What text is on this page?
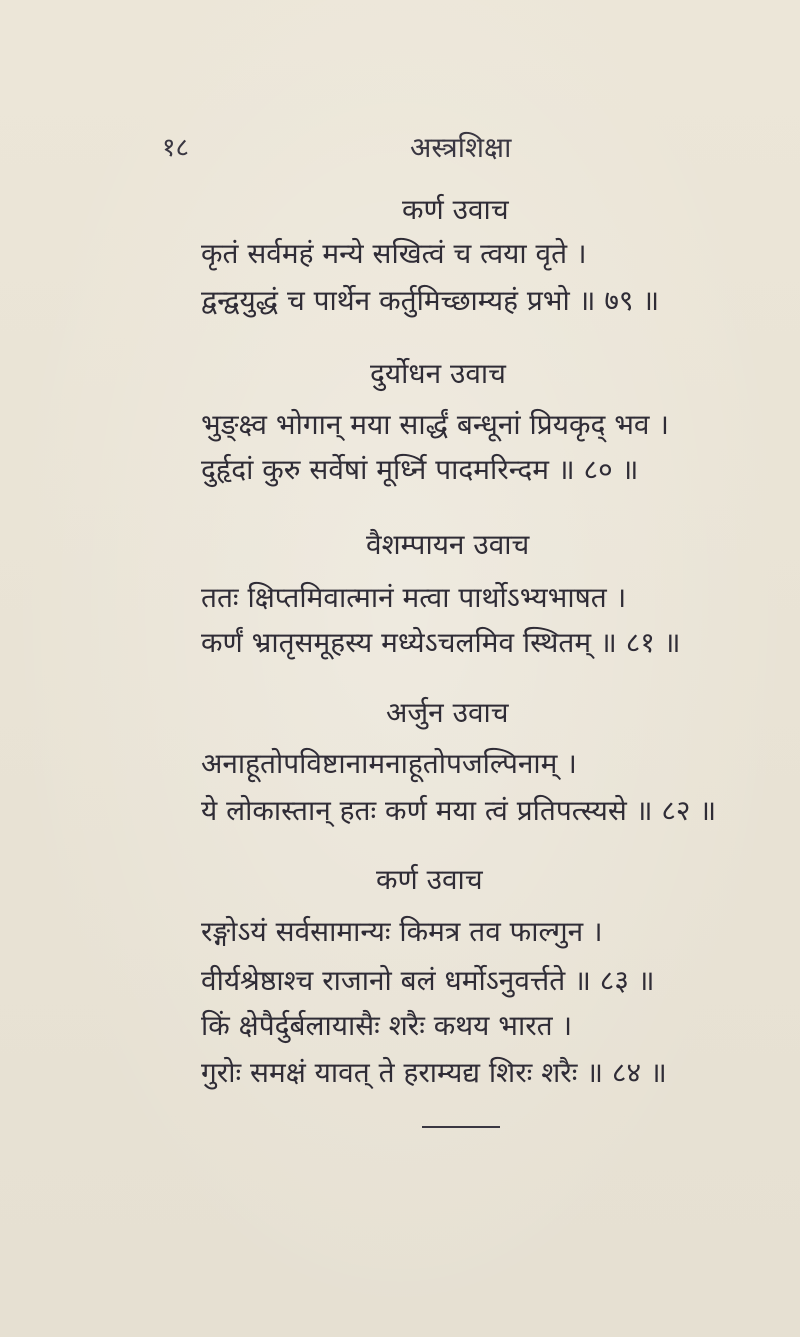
१८	अस्त्रशिक्षा
कर्ण उवाच
कृतं सर्वमहं मन्ये सखित्वं च त्वया वृते ।
द्वन्द्वयुद्धं च पार्थेन कर्तुमिच्छाम्यहं प्रभो ॥ ७९ ॥
दुर्योधन उवाच
भुङ्क्ष्व भोगान् मया सार्द्धं बन्धूनां प्रियकृद् भव ।
दुर्हृदां कुरु सर्वेषां मूर्ध्नि पादमरिन्दम ॥ ८० ॥
वैशम्पायन उवाच
ततः क्षिप्तमिवात्मानं मत्वा पार्थोऽभ्यभाषत ।
कर्णं भ्रातृसमूहस्य मध्येऽचलमिव स्थितम् ॥ ८१ ॥
अर्जुन उवाच
अनाहूतोपविष्टानामनाहूतोपजल्पिनाम् ।
ये लोकास्तान् हतः कर्ण मया त्वं प्रतिपत्स्यसे ॥ ८२ ॥
कर्ण उवाच
रङ्गोऽयं सर्वसामान्यः किमत्र तव फाल्गुन ।
वीर्यश्रेष्ठाश्च राजानो बलं धर्मोऽनुवर्त्तते ॥ ८३ ॥
किं क्षेपैर्दुर्बलायासैः शरैः कथय भारत ।
गुरोः समक्षं यावत् ते हराम्यद्य शिरः शरैः ॥ ८४ ॥
